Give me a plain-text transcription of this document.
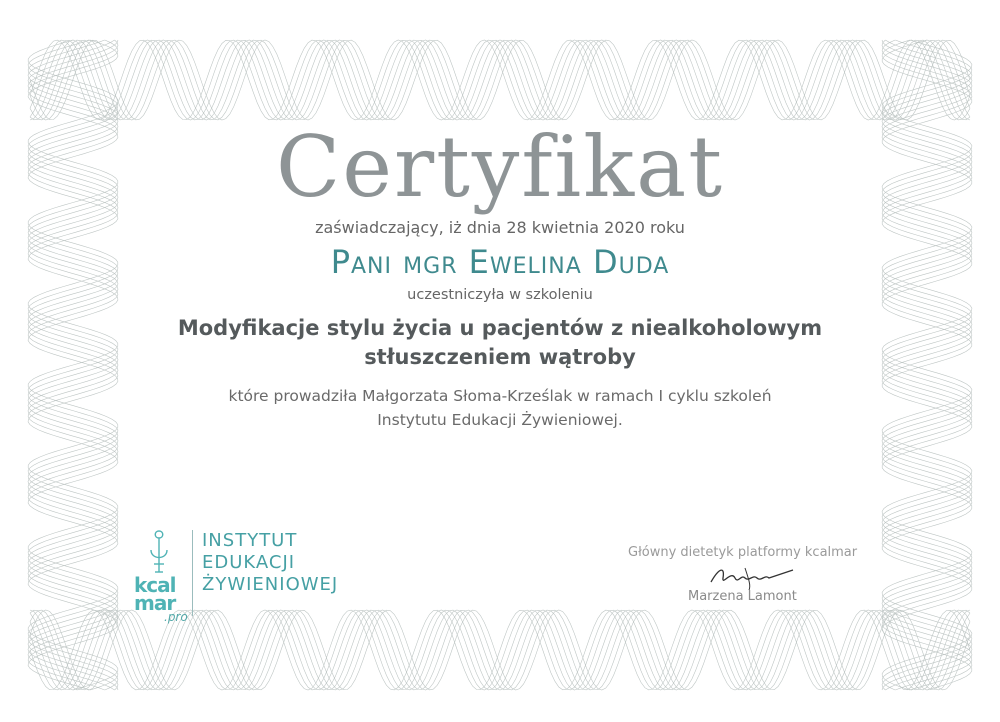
Certyfikat
zaświadczający, iż dnia 28 kwietnia 2020 roku
Pani mgr Ewelina Duda
uczestniczyła w szkoleniu
Modyfikacje stylu życia u pacjentów z niealkoholowym
stłuszczeniem wątroby
które prowadziła Małgorzata Słoma-Krześlak w ramach I cyklu szkoleń
Instytutu Edukacji Żywieniowej.
kcal
mar
.pro
INSTYTUT
EDUKACJI
ŻYWIENIOWEJ
Główny dietetyk platformy kcalmar
Marzena Lamont
